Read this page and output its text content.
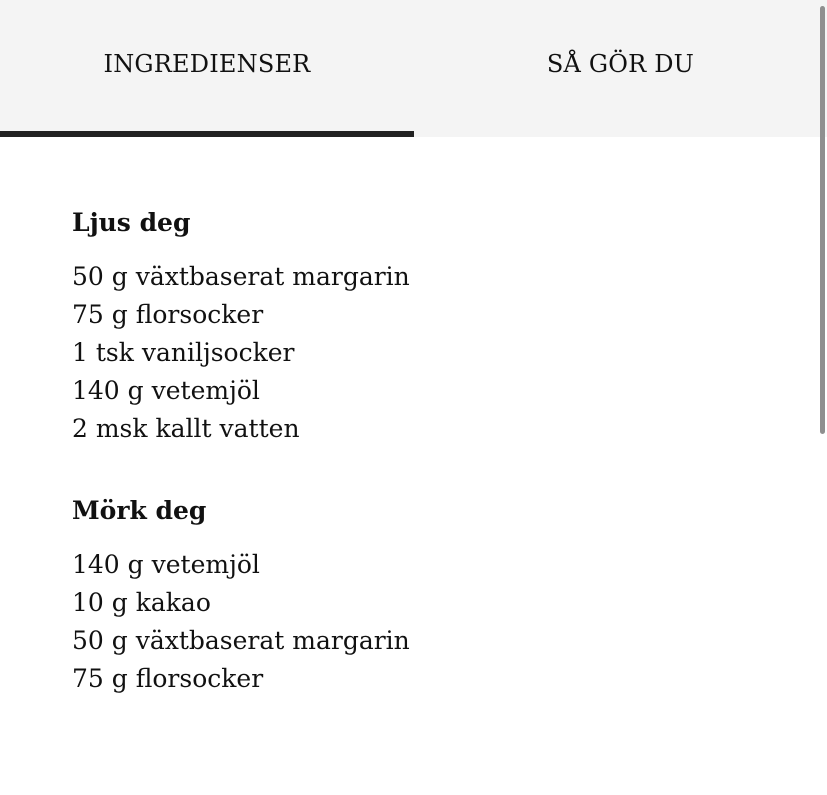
INGREDIENSER	SÅ GÖR DU
Ljus deg
50 g växtbaserat margarin
75 g florsocker
1 tsk vaniljsocker
140 g vetemjöl
2 msk kallt vatten
Mörk deg
140 g vetemjöl
10 g kakao
50 g växtbaserat margarin
75 g florsocker
